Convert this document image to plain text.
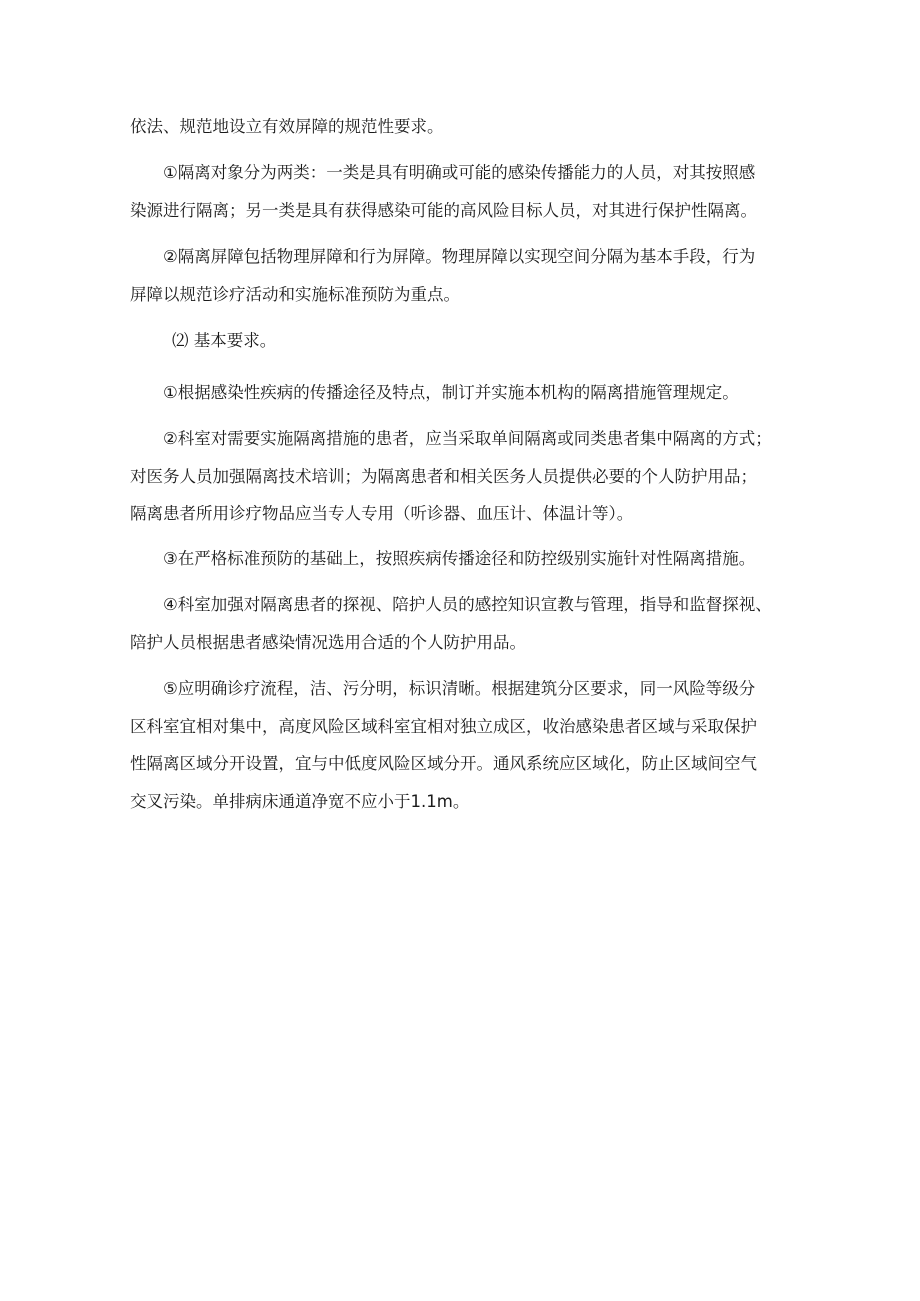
依法、规范地设立有效屏障的规范性要求。

①隔离对象分为两类：一类是具有明确或可能的感染传播能力的人员，对其按照感
染源进行隔离；另一类是具有获得感染可能的高风险目标人员，对其进行保护性隔离。

②隔离屏障包括物理屏障和行为屏障。物理屏障以实现空间分隔为基本手段，行为
屏障以规范诊疗活动和实施标准预防为重点。

⑵ 基本要求。

①根据感染性疾病的传播途径及特点，制订并实施本机构的隔离措施管理规定。

②科室对需要实施隔离措施的患者，应当采取单间隔离或同类患者集中隔离的方式；
对医务人员加强隔离技术培训；为隔离患者和相关医务人员提供必要的个人防护用品；
隔离患者所用诊疗物品应当专人专用（听诊器、血压计、体温计等）。

③在严格标准预防的基础上，按照疾病传播途径和防控级别实施针对性隔离措施。

④科室加强对隔离患者的探视、陪护人员的感控知识宣教与管理，指导和监督探视、
陪护人员根据患者感染情况选用合适的个人防护用品。

⑤应明确诊疗流程，洁、污分明，标识清晰。根据建筑分区要求，同一风险等级分
区科室宜相对集中，高度风险区域科室宜相对独立成区，收治感染患者区域与采取保护
性隔离区域分开设置，宜与中低度风险区域分开。通风系统应区域化，防止区域间空气
交叉污染。单排病床通道净宽不应小于1.1m。
